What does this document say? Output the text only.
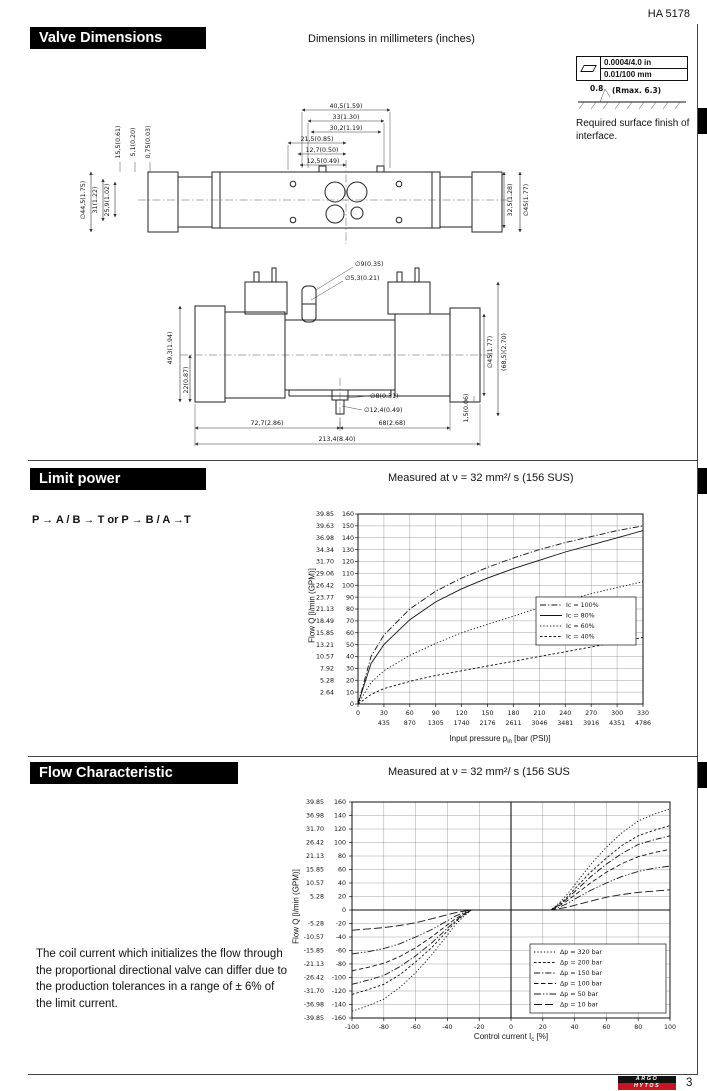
HA 5178
Valve Dimensions	Dimensions in millimeters (inches)
0.0004/4.0 in
0.01/100 mm
0.8 (Rmax. 6.3)
Required surface finish of interface.
40,5(1.59)
33(1.30)
30,2(1.19)
21,5(0.85)
12,7(0.50)
12,5(0.49)
15,5(0.61) 5,1(0.20) 0,75(0.03)
∅44,5(1.75) 31(1.22) 25,9(1.02)	32,5(1.28) ∅45(1.77)
∅9(0.35)
∅5,3(0.21)
49,3(1.94)
22(0.87)
∅45(1.77) (68,5)(2.70)
∅8(0.31)
∅12,4(0.49)	1,5(0.06)
72,7(2.86)	68(2.68)
213,4(8.40)
Limit power	Measured at ν = 32 mm²/ s (156 SUS)
P → A / B → T or P → B / A →T
0
10
2.64
20
5.28
30
7.92
40
10.57
50
13.21
60
15.85
70
18.49
80
21.13
90
23.77
100
26.42
110
29.06
120
31.70
130
34.34
140
36.98
150
39.63
160
39.85
0	30	60	90	120 150 180 210 240 270 300 330
435 870 1305 1740 2176 2611 3046 3481 3916 4351 4786
Ic = 100%
Ic = 80%
Ic = 60%
Ic = 40%
Flow Q [l/min (GPM)]
Input pressure $p_{in}$ [bar (PSI)]
Flow Characteristic	Measured at ν = 32 mm²/ s (156 SUS
-160
-39.85
-140
-36.98
-120
-31.70
-100
-26.42
-80
-21.13
-60
-15.85
-40
-10.57
-20
-5.28
0
20
5.28
40
10.57
60
15.85
80
21.13
100
26.42
120
31.70
140
36.98
160
39.85
-100	-80	-60	-40	-20	0	20	40	60	80	100
Δp = 320 bar
Δp = 200 bar
Δp = 150 bar
Δp = 100 bar
Δp = 50 bar
Δp = 10 bar
Flow Q [l/min (GPM)]
Control current $I_c$ [%]
The coil current which initializes the flow through the proportional directional valve can differ due to the production tolerances in a range of ± 6% of the limit current.
ARGO
HYTOS	3
